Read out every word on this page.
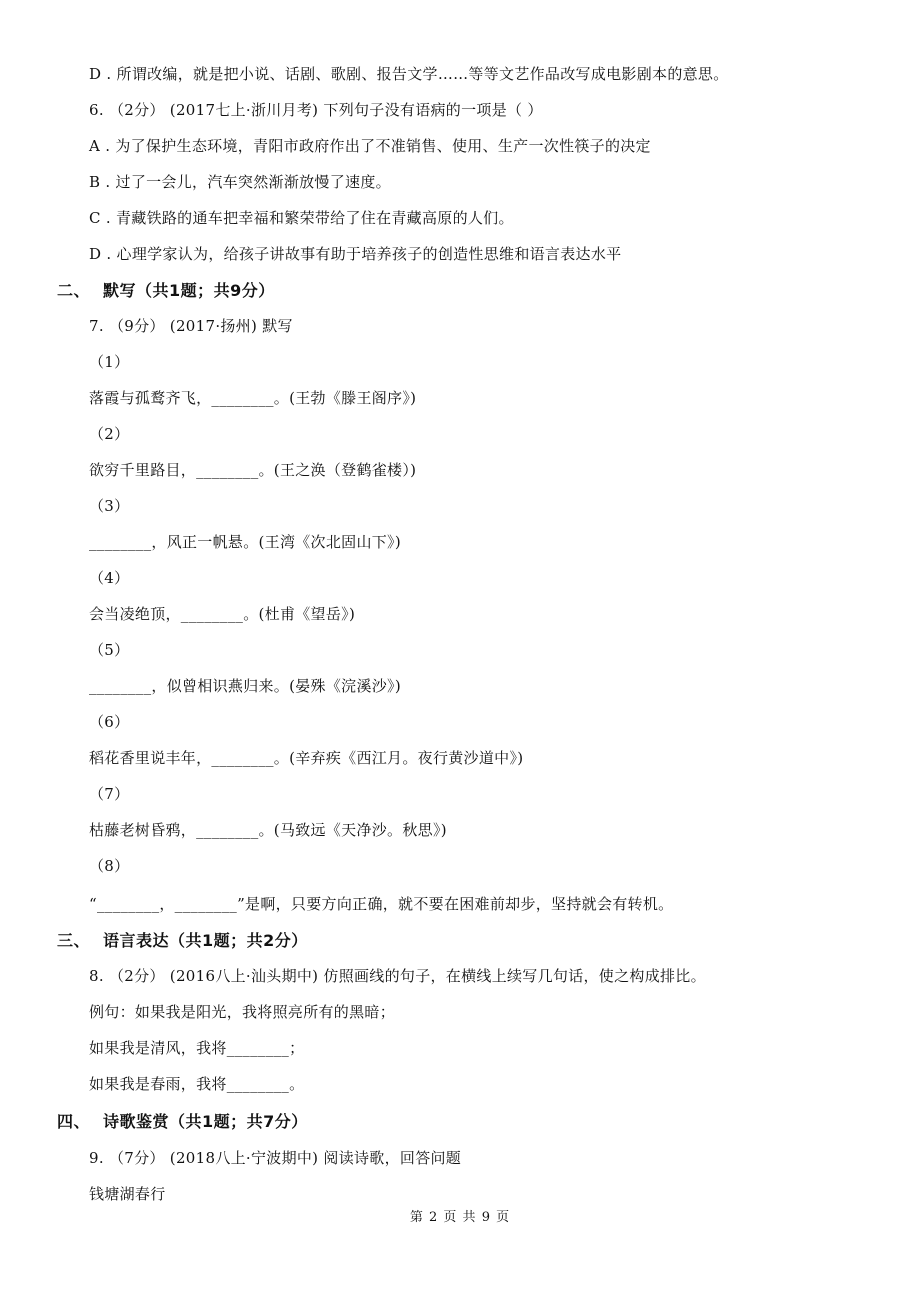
D . 所谓改编，就是把小说、话剧、歌剧、报告文学……等等文艺作品改写成电影剧本的意思。
6. （2分） (2017七上·浙川月考) 下列句子没有语病的一项是（ ）
A . 为了保护生态环境，青阳市政府作出了不准销售、使用、生产一次性筷子的决定
B . 过了一会儿，汽车突然渐渐放慢了速度。
C . 青藏铁路的通车把幸福和繁荣带给了住在青藏高原的人们。
D . 心理学家认为，给孩子讲故事有助于培养孩子的创造性思维和语言表达水平
二、 默写（共1题；共9分）
7. （9分） (2017·扬州) 默写
（1）
落霞与孤鹜齐飞，________。(王勃《滕王阁序》)
（2）
欲穷千里路目，________。(王之涣（登鹤雀楼）)
（3）
________，风正一帆悬。(王湾《次北固山下》)
（4）
会当凌绝顶，________。(杜甫《望岳》)
（5）
________，似曾相识燕归来。(晏殊《浣溪沙》)
（6）
稻花香里说丰年，________。(辛弃疾《西江月。夜行黄沙道中》)
（7）
枯藤老树昏鸦，________。(马致远《天净沙。秋思》)
（8）
“________，________”是啊，只要方向正确，就不要在困难前却步，坚持就会有转机。
三、 语言表达（共1题；共2分）
8. （2分） (2016八上·汕头期中) 仿照画线的句子，在横线上续写几句话，使之构成排比。
例句：如果我是阳光，我将照亮所有的黑暗；
如果我是清风，我将________；
如果我是春雨，我将________。
四、 诗歌鉴赏（共1题；共7分）
9. （7分） (2018八上·宁波期中) 阅读诗歌，回答问题
钱塘湖春行
第 2 页 共 9 页
